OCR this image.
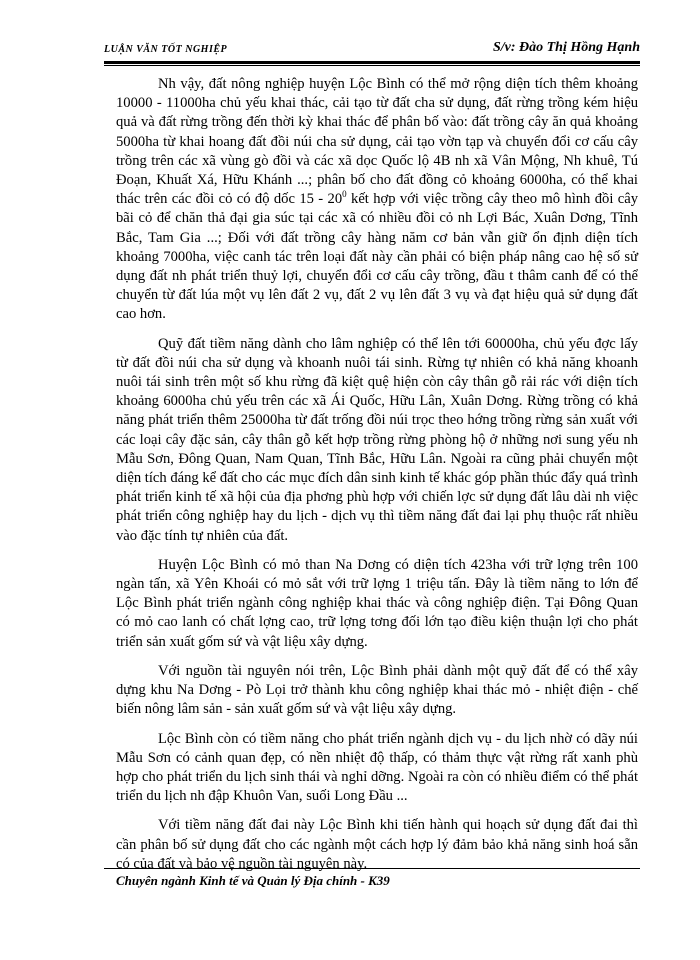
LUẬN VĂN TỐT NGHIỆP	S/v: Đào Thị Hồng Hạnh

Nh vậy, đất nông nghiệp huyện Lộc Bình có thể mở rộng diện tích thêm khoảng 10000 - 11000ha chủ yếu khai thác, cải tạo từ đất cha sử dụng, đất rừng trồng kém hiệu quả và đất rừng trồng đến thời kỳ khai thác để phân bố vào: đất trồng cây ăn quả khoảng 5000ha từ khai hoang đất đồi núi cha sử dụng, cải tạo vờn tạp và chuyển đổi cơ cấu cây trồng trên các xã vùng gò đồi và các xã dọc Quốc lộ 4B nh xã Vân Mộng, Nh khuê, Tú Đoạn, Khuất Xá, Hữu Khánh ...; phân bố cho đất đồng cỏ khoảng 6000ha, có thể khai thác trên các đồi cỏ có độ dốc $15 - 20^0$ kết hợp với việc trồng cây theo mô hình đồi cây bãi cỏ để chăn thả đại gia súc tại các xã có nhiều đồi cỏ nh Lợi Bác, Xuân Dơng, Tĩnh Bắc, Tam Gia ...; Đối với đất trồng cây hàng năm cơ bản vẫn giữ ổn định diện tích khoảng 7000ha, việc canh tác trên loại đất này cần phải có biện pháp nâng cao hệ số sử dụng đất nh phát triển thuỷ lợi, chuyển đổi cơ cấu cây trồng, đầu t thâm canh để có thể chuyển từ đất lúa một vụ lên đất 2 vụ, đất 2 vụ lên đất 3 vụ và đạt hiệu quả sử dụng đất cao hơn.

Quỹ đất tiềm năng dành cho lâm nghiệp có thể lên tới 60000ha, chủ yếu đợc lấy từ đất đồi núi cha sử dụng và khoanh nuôi tái sinh. Rừng tự nhiên có khả năng khoanh nuôi tái sinh trên một số khu rừng đã kiệt quệ hiện còn cây thân gỗ rải rác với diện tích khoảng 6000ha chủ yếu trên các xã Ái Quốc, Hữu Lân, Xuân Dơng. Rừng trồng có khả năng phát triển thêm 25000ha từ đất trống đồi núi trọc theo hớng trồng rừng sản xuất với các loại cây đặc sản, cây thân gỗ kết hợp trồng rừng phòng hộ ở những nơi sung yếu nh Mẫu Sơn, Đông Quan, Nam Quan, Tĩnh Bắc, Hữu Lân. Ngoài ra cũng phải chuyển một diện tích đáng kể đất cho các mục đích dân sinh kinh tế khác góp phần thúc đẩy quá trình phát triển kinh tế xã hội của địa phơng phù hợp với chiến lợc sử dụng đất lâu dài nh việc phát triển công nghiệp hay du lịch - dịch vụ thì tiềm năng đất đai lại phụ thuộc rất nhiều vào đặc tính tự nhiên của đất.

Huyện Lộc Bình có mỏ than Na Dơng có diện tích 423ha với trữ lợng trên 100 ngàn tấn, xã Yên Khoái có mỏ sắt với trữ lợng 1 triệu tấn. Đây là tiềm năng to lớn để Lộc Bình phát triển ngành công nghiệp khai thác và công nghiệp điện. Tại Đông Quan có mỏ cao lanh có chất lợng cao, trữ lợng tơng đối lớn tạo điều kiện thuận lợi cho phát triển sản xuất gốm sứ và vật liệu xây dựng.

Với nguồn tài nguyên nói trên, Lộc Bình phải dành một quỹ đất để có thể xây dựng khu Na Dơng - Pò Lọi trở thành khu công nghiệp khai thác mỏ - nhiệt điện - chế biến nông lâm sản - sản xuất gốm sứ và vật liệu xây dựng.

Lộc Bình còn có tiềm năng cho phát triển ngành dịch vụ - du lịch nhờ có dãy núi Mẫu Sơn có cảnh quan đẹp, có nền nhiệt độ thấp, có thảm thực vật rừng rất xanh phù hợp cho phát triển du lịch sinh thái và nghỉ dỡng. Ngoài ra còn có nhiều điểm có thể phát triển du lịch nh đập Khuôn Van, suối Long Đầu ...

Với tiềm năng đất đai này Lộc Bình khi tiến hành qui hoạch sử dụng đất đai thì cần phân bố sử dụng đất cho các ngành một cách hợp lý đảm bảo khả năng sinh hoá sẵn có của đất và bảo vệ nguồn tài nguyên này.

Chuyên ngành Kinh tế và Quản lý Địa chính - K39
